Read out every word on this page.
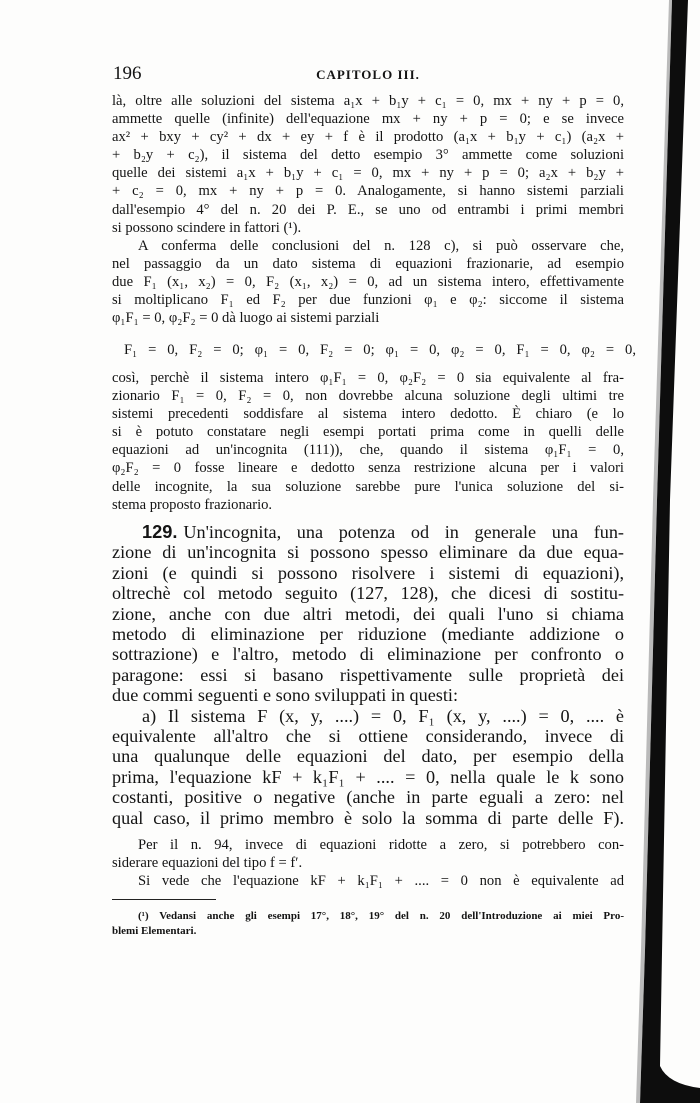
196	CAPITOLO III.
là, oltre alle soluzioni del sistema a₁x + b₁y + c₁ = 0, mx + ny + p = 0,
ammette quelle (infinite) dell'equazione mx + ny + p = 0; e se invece
ax² + bxy + cy² + dx + ey + f è il prodotto (a₁x + b₁y + c₁) (a₂x +
+ b₂y + c₂), il sistema del detto esempio 3° ammette come soluzioni
quelle dei sistemi a₁x + b₁y + c₁ = 0, mx + ny + p = 0; a₂x + b₂y +
+ c₂ = 0, mx + ny + p = 0. Analogamente, si hanno sistemi parziali
dall'esempio 4° del n. 20 dei P. E., se uno od entrambi i primi membri
si possono scindere in fattori (¹).
A conferma delle conclusioni del n. 128 c), si può osservare che,
nel passaggio da un dato sistema di equazioni frazionarie, ad esempio
due F₁ (x₁, x₂) = 0, F₂ (x₁, x₂) = 0, ad un sistema intero, effettivamente
si moltiplicano F₁ ed F₂ per due funzioni φ₁ e φ₂: siccome il sistema
φ₁F₁ = 0, φ₂F₂ = 0 dà luogo ai sistemi parziali
F₁ = 0, F₂ = 0; φ₁ = 0, F₂ = 0; φ₁ = 0, φ₂ = 0, F₁ = 0, φ₂ = 0,
così, perchè il sistema intero φ₁F₁ = 0, φ₂F₂ = 0 sia equivalente al fra-
zionario F₁ = 0, F₂ = 0, non dovrebbe alcuna soluzione degli ultimi tre
sistemi precedenti soddisfare al sistema intero dedotto. È chiaro (e lo
si è potuto constatare negli esempi portati prima come in quelli delle
equazioni ad un'incognita (111)), che, quando il sistema φ₁F₁ = 0,
φ₂F₂ = 0 fosse lineare e dedotto senza restrizione alcuna per i valori
delle incognite, la sua soluzione sarebbe pure l'unica soluzione del si-
stema proposto frazionario.
129. Un'incognita, una potenza od in generale una fun-
zione di un'incognita si possono spesso eliminare da due equa-
zioni (e quindi si possono risolvere i sistemi di equazioni),
oltrechè col metodo seguito (127, 128), che dicesi di sostitu-
zione, anche con due altri metodi, dei quali l'uno si chiama
metodo di eliminazione per riduzione (mediante addizione o
sottrazione) e l'altro, metodo di eliminazione per confronto o
paragone: essi si basano rispettivamente sulle proprietà dei
due commi seguenti e sono sviluppati in questi:
a) Il sistema F (x, y, ....) = 0, F₁ (x, y, ....) = 0, .... è
equivalente all'altro che si ottiene considerando, invece di
una qualunque delle equazioni del dato, per esempio della
prima, l'equazione kF + k₁F₁ + .... = 0, nella quale le k sono
costanti, positive o negative (anche in parte eguali a zero: nel
qual caso, il primo membro è solo la somma di parte delle F).
Per il n. 94, invece di equazioni ridotte a zero, si potrebbero con-
siderare equazioni del tipo f = f′.
Si vede che l'equazione kF + k₁F₁ + .... = 0 non è equivalente ad
(¹) Vedansi anche gli esempi 17°, 18°, 19° del n. 20 dell'Introduzione ai miei Pro-
blemi Elementari.
